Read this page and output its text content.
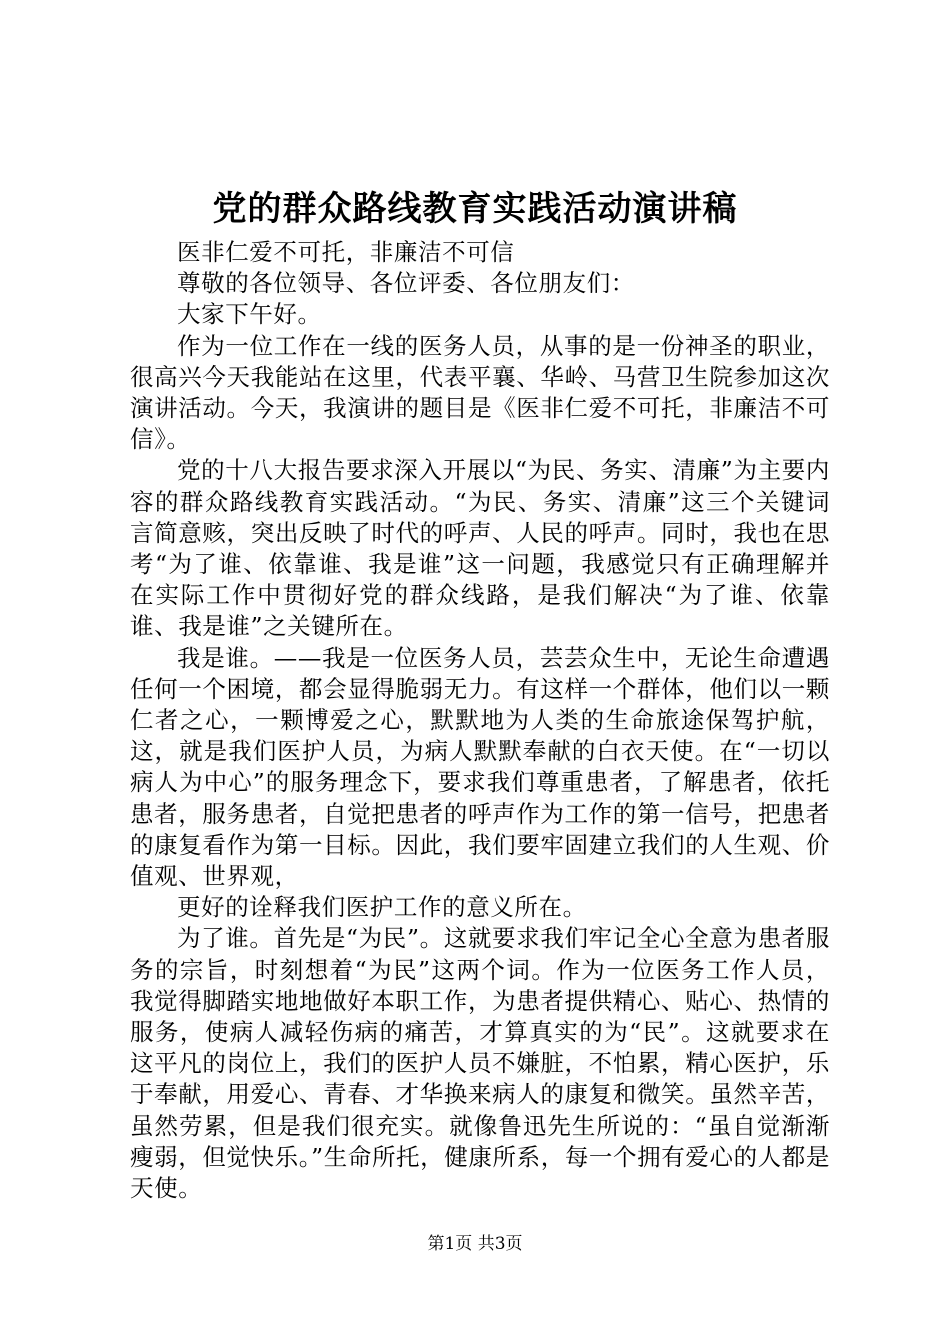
党的群众路线教育实践活动演讲稿

医非仁爱不可托，非廉洁不可信

尊敬的各位领导、各位评委、各位朋友们：

大家下午好。

作为一位工作在一线的医务人员，从事的是一份神圣的职业，很高兴今天我能站在这里，代表平襄、华岭、马营卫生院参加这次演讲活动。今天，我演讲的题目是《医非仁爱不可托，非廉洁不可信》。

党的十八大报告要求深入开展以“为民、务实、清廉”为主要内容的群众路线教育实践活动。“为民、务实、清廉”这三个关键词言简意赅，突出反映了时代的呼声、人民的呼声。同时，我也在思考“为了谁、依靠谁、我是谁”这一问题，我感觉只有正确理解并在实际工作中贯彻好党的群众线路，是我们解决“为了谁、依靠谁、我是谁”之关键所在。

我是谁。——我是一位医务人员，芸芸众生中，无论生命遭遇任何一个困境，都会显得脆弱无力。有这样一个群体，他们以一颗仁者之心，一颗博爱之心，默默地为人类的生命旅途保驾护航，这，就是我们医护人员，为病人默默奉献的白衣天使。在“一切以病人为中心”的服务理念下，要求我们尊重患者，了解患者，依托患者，服务患者，自觉把患者的呼声作为工作的第一信号，把患者的康复看作为第一目标。因此，我们要牢固建立我们的人生观、价值观、世界观，

更好的诠释我们医护工作的意义所在。

为了谁。首先是“为民”。这就要求我们牢记全心全意为患者服务的宗旨，时刻想着“为民”这两个词。作为一位医务工作人员，我觉得脚踏实地地做好本职工作，为患者提供精心、贴心、热情的服务，使病人减轻伤病的痛苦，才算真实的为“民”。这就要求在这平凡的岗位上，我们的医护人员不嫌脏，不怕累，精心医护，乐于奉献，用爱心、青春、才华换来病人的康复和微笑。虽然辛苦，虽然劳累，但是我们很充实。就像鲁迅先生所说的：“虽自觉渐渐瘦弱，但觉快乐。”生命所托，健康所系，每一个拥有爱心的人都是天使。

第1页 共3页
